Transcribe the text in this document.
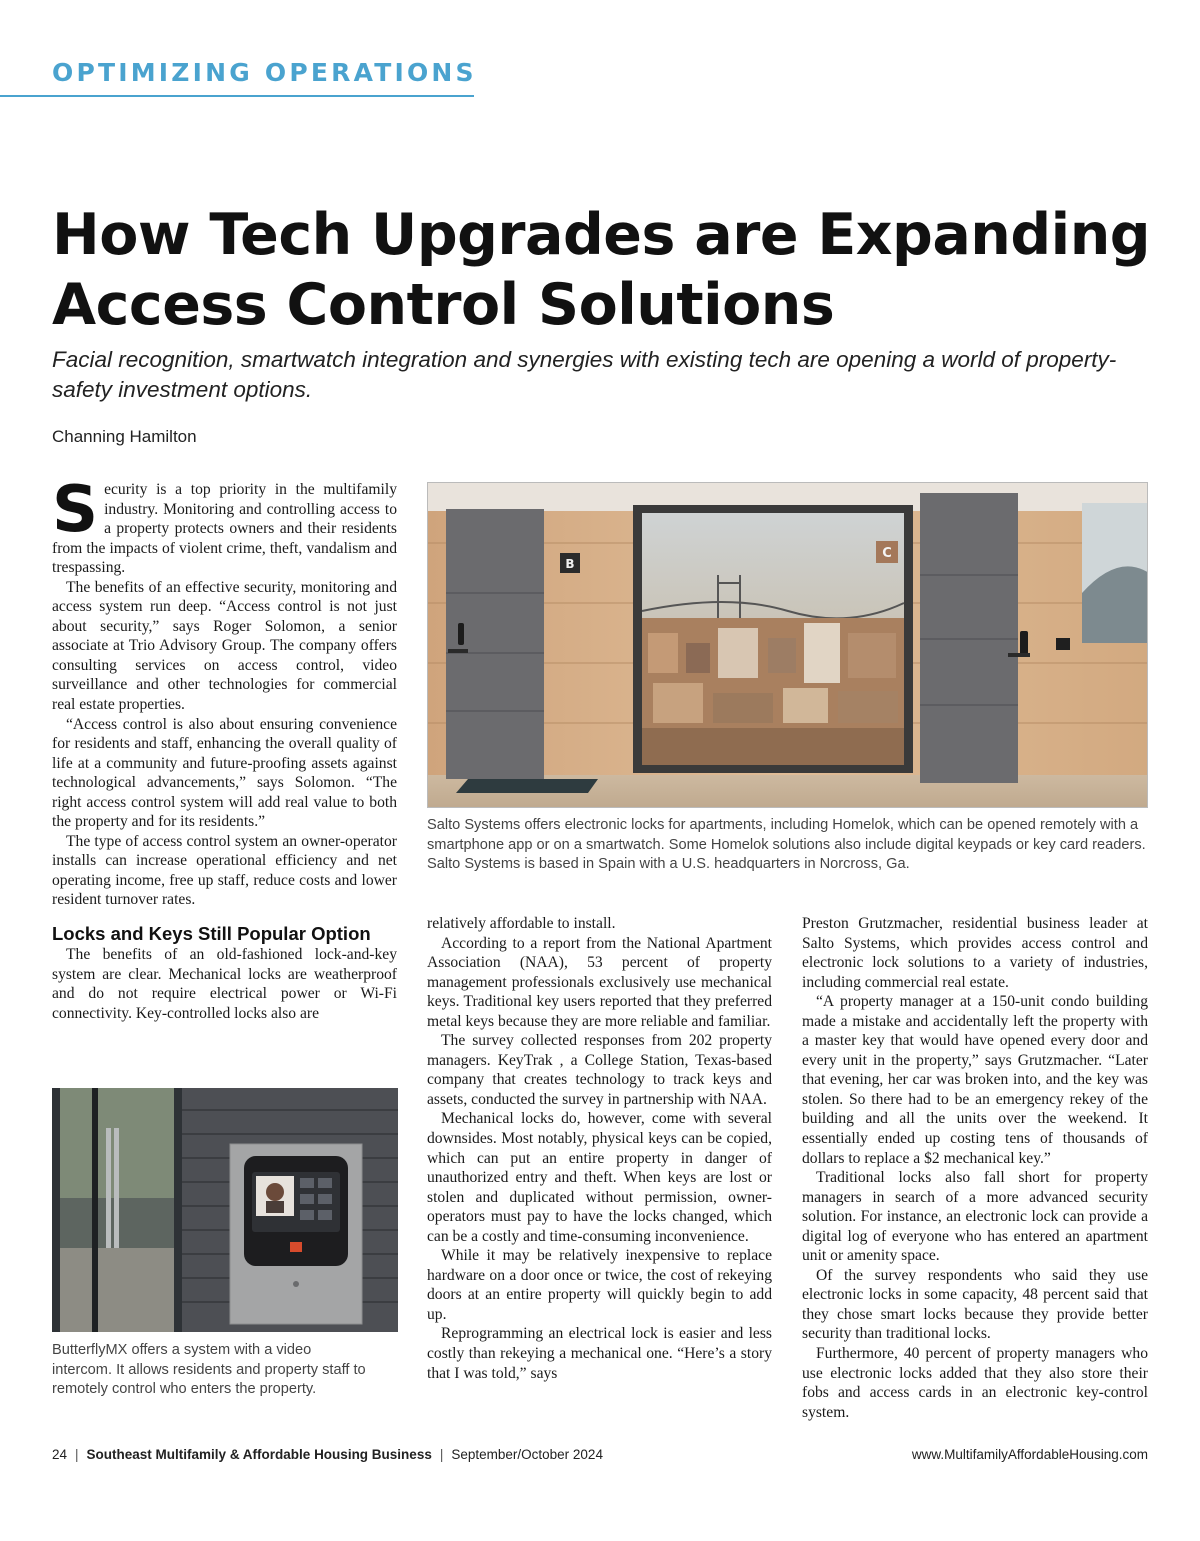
OPTIMIZING OPERATIONS
How Tech Upgrades are Expanding
Access Control Solutions
Facial recognition, smartwatch integration and synergies with existing tech are opening a world of property-safety investment options.
Channing Hamilton

Security is a top priority in the multifamily industry. Monitoring and controlling access to a property protects owners and their residents from the impacts of violent crime, theft, vandalism and trespassing.

The benefits of an effective security, monitoring and access system run deep. “Access control is not just about security,” says Roger Solomon, a senior associate at Trio Advisory Group. The company offers consulting services on access control, video surveillance and other technologies for commercial real estate properties.

“Access control is also about ensuring convenience for residents and staff, enhancing the overall quality of life at a community and future-proofing assets against technological advancements,” says Solomon. “The right access control system will add real value to both the property and for its residents.”

The type of access control system an owner-operator installs can increase operational efficiency and net operating income, free up staff, reduce costs and lower resident turnover rates.

Locks and Keys Still Popular Option

The benefits of an old-fashioned lock-and-key system are clear. Mechanical locks are weatherproof and do not require electrical power or Wi-Fi connectivity. Key-controlled locks also are

B
C
Salto Systems offers electronic locks for apartments, including Homelok, which can be opened remotely with a smartphone app or on a smartwatch. Some Homelok solutions also include digital keypads or key card readers. Salto Systems is based in Spain with a U.S. headquarters in Norcross, Ga.
ButterflyMX offers a system with a video intercom. It allows residents and property staff to remotely control who enters the property.

relatively affordable to install.

According to a report from the National Apartment Association (NAA), 53 percent of property management professionals exclusively use mechanical keys. Traditional key users reported that they preferred metal keys because they are more reliable and familiar.

The survey collected responses from 202 property managers. KeyTrak , a College Station, Texas-based company that creates technology to track keys and assets, conducted the survey in partnership with NAA.

Mechanical locks do, however, come with several downsides. Most notably, physical keys can be copied, which can put an entire property in danger of unauthorized entry and theft. When keys are lost or stolen and duplicated without permission, owner-operators must pay to have the locks changed, which can be a costly and time-consuming inconvenience.

While it may be relatively inexpensive to replace hardware on a door once or twice, the cost of rekeying doors at an entire property will quickly begin to add up.

Reprogramming an electrical lock is easier and less costly than rekeying a mechanical one. “Here’s a story that I was told,” says

Preston Grutzmacher, residential business leader at Salto Systems, which provides access control and electronic lock solutions to a variety of industries, including commercial real estate.

“A property manager at a 150-unit condo building made a mistake and accidentally left the property with a master key that would have opened every door and every unit in the property,” says Grutzmacher. “Later that evening, her car was broken into, and the key was stolen. So there had to be an emergency rekey of the building and all the units over the weekend. It essentially ended up costing tens of thousands of dollars to replace a $2 mechanical key.”

Traditional locks also fall short for property managers in search of a more advanced security solution. For instance, an electronic lock can provide a digital log of everyone who has entered an apartment unit or amenity space.

Of the survey respondents who said they use electronic locks in some capacity, 48 percent said that they chose smart locks because they provide better security than traditional locks.

Furthermore, 40 percent of property managers who use electronic locks added that they also store their fobs and access cards in an electronic key-control system.

24 | Southeast Multifamily & Affordable Housing Business | September/October 2024	www.MultifamilyAffordableHousing.com
